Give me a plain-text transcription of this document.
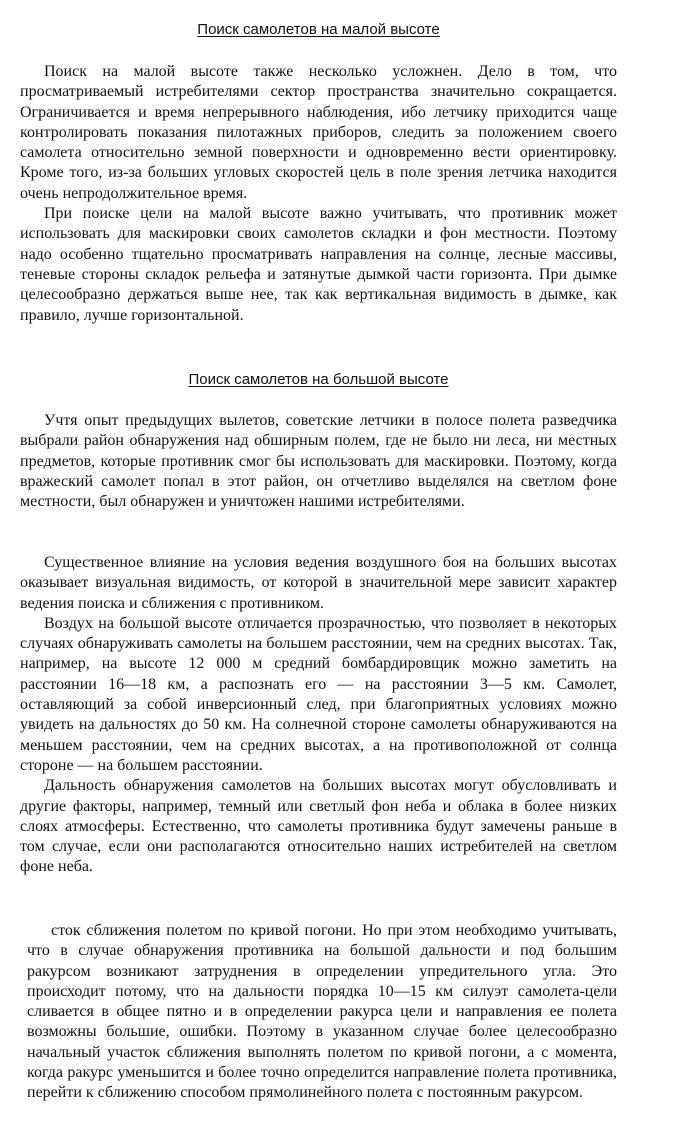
Поиск самолетов на малой высоте

Поиск на малой высоте также несколько усложнен. Дело в том, что просматриваемый истребителями сектор пространства значительно сокращается. Ограничивается и время непрерывного наблюдения, ибо летчику приходится чаще контролировать показания пилотажных приборов, следить за положением своего самолета относительно земной поверхности и одновременно вести ориентировку. Кроме того, из-за больших угловых скоростей цель в поле зрения летчика находится очень непродолжительное время.

При поиске цели на малой высоте важно учитывать, что противник может использовать для маскировки своих самолетов складки и фон местности. Поэтому надо особенно тщательно просматривать направления на солнце, лесные массивы, теневые стороны складок рельефа и затянутые дымкой части горизонта. При дымке целесообразно держаться выше нее, так как вертикальная видимость в дымке, как правило, лучше горизонтальной.

Поиск самолетов на большой высоте

Учтя опыт предыдущих вылетов, советские летчики в полосе полета разведчика выбрали район обнаружения над обширным полем, где не было ни леса, ни местных предметов, которые противник смог бы использовать для маскировки. Поэтому, когда вражеский самолет попал в этот район, он отчетливо выделялся на светлом фоне местности, был обнаружен и уничтожен нашими истребителями.

Существенное влияние на условия ведения воздушного боя на больших высотах оказывает визуальная видимость, от которой в значительной мере зависит характер ведения поиска и сближения с противником.

Воздух на большой высоте отличается прозрачностью, что позволяет в некоторых случаях обнаруживать самолеты на большем расстоянии, чем на средних высотах. Так, например, на высоте 12 000 м средний бомбардировщик можно заметить на расстоянии 16—18 км, а распознать его — на расстоянии 3—5 км. Самолет, оставляющий за собой инверсионный след, при благоприятных условиях можно увидеть на дальностях до 50 км. На солнечной стороне самолеты обнаруживаются на меньшем расстоянии, чем на средних высотах, а на противоположной от солнца стороне — на большем расстоянии.

Дальность обнаружения самолетов на больших высотах могут обусловливать и другие факторы, например, темный или светлый фон неба и облака в более низких слоях атмосферы. Естественно, что самолеты противника будут замечены раньше в том случае, если они располагаются относительно наших истребителей на светлом фоне неба.

сток сближения полетом по кривой погони. Но при этом необходимо учитывать, что в случае обнаружения противника на большой дальности и под большим ракурсом возникают затруднения в определении упредительного угла. Это происходит потому, что на дальности порядка 10—15 км силуэт самолета-цели сливается в общее пятно и в определении ракурса цели и направления ее полета возможны большие, ошибки. Поэтому в указанном случае более целесообразно начальный участок сближения выполнять полетом по кривой погони, а с момента, когда ракурс уменьшится и более точно определится направление полета противника, перейти к сближению способом прямолинейного полета с постоянным ракурсом.
